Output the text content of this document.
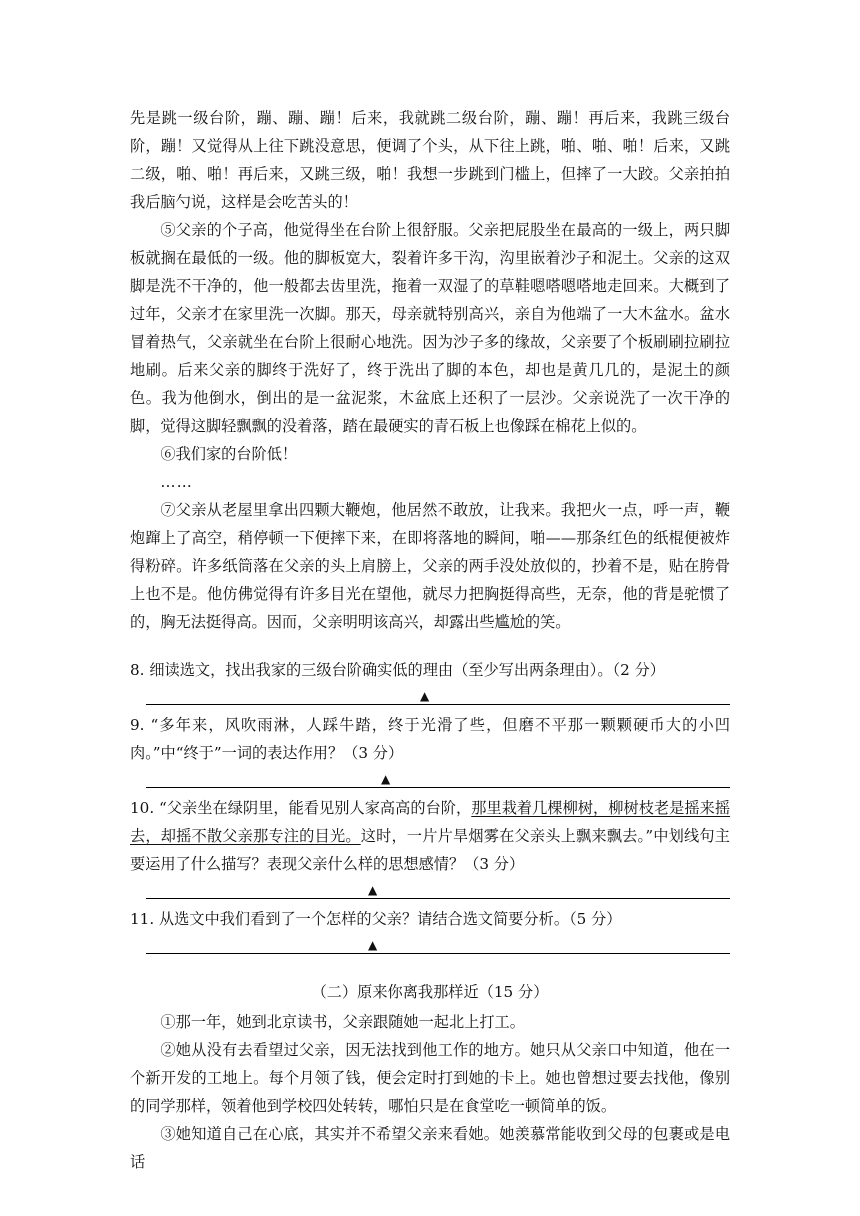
先是跳一级台阶，蹦、蹦、蹦！后来，我就跳二级台阶，蹦、蹦！再后来，我跳三级台阶，蹦！又觉得从上往下跳没意思，便调了个头，从下往上跳，啪、啪、啪！后来，又跳二级，啪、啪！再后来，又跳三级，啪！我想一步跳到门槛上，但摔了一大跤。父亲拍拍我后脑勺说，这样是会吃苦头的！

⑤父亲的个子高，他觉得坐在台阶上很舒服。父亲把屁股坐在最高的一级上，两只脚板就搁在最低的一级。他的脚板宽大，裂着许多干沟，沟里嵌着沙子和泥土。父亲的这双脚是洗不干净的，他一般都去齿里洗，拖着一双湿了的草鞋嗯嗒嗯嗒地走回来。大概到了过年，父亲才在家里洗一次脚。那天，母亲就特别高兴，亲自为他端了一大木盆水。盆水冒着热气，父亲就坐在台阶上很耐心地洗。因为沙子多的缘故，父亲要了个板刷刷拉刷拉地刷。后来父亲的脚终于洗好了，终于洗出了脚的本色，却也是黄几几的，是泥土的颜色。我为他倒水，倒出的是一盆泥浆，木盆底上还积了一层沙。父亲说洗了一次干净的脚，觉得这脚轻飘飘的没着落，踏在最硬实的青石板上也像踩在棉花上似的。

⑥我们家的台阶低！

……

⑦父亲从老屋里拿出四颗大鞭炮，他居然不敢放，让我来。我把火一点，呼一声，鞭炮蹿上了高空，稍停顿一下便摔下来，在即将落地的瞬间，啪——那条红色的纸棍便被炸得粉碎。许多纸筒落在父亲的头上肩膀上，父亲的两手没处放似的，抄着不是，贴在胯骨上也不是。他仿佛觉得有许多目光在望他，就尽力把胸挺得高些，无奈，他的背是驼惯了的，胸无法挺得高。因而，父亲明明该高兴，却露出些尴尬的笑。

8. 细读选文，找出我家的三级台阶确实低的理由（至少写出两条理由）。（2 分）

▲

9. “多年来，风吹雨淋，人踩牛踏，终于光滑了些，但磨不平那一颗颗硬币大的小凹肉。”中“终于”一词的表达作用？（3 分）

▲

10. “父亲坐在绿阴里，能看见别人家高高的台阶，那里栽着几棵柳树，柳树枝老是摇来摇去，却摇不散父亲那专注的目光。这时，一片片旱烟雾在父亲头上飘来飘去。”中划线句主要运用了什么描写？表现父亲什么样的思想感情？（3 分）

▲

11. 从选文中我们看到了一个怎样的父亲？请结合选文简要分析。（5 分）

▲

（二）原来你离我那样近（15 分）

①那一年，她到北京读书，父亲跟随她一起北上打工。

②她从没有去看望过父亲，因无法找到他工作的地方。她只从父亲口中知道，他在一个新开发的工地上。每个月领了钱，便会定时打到她的卡上。她也曾想过要去找他，像别的同学那样，领着他到学校四处转转，哪怕只是在食堂吃一顿简单的饭。

③她知道自己在心底，其实并不希望父亲来看她。她羡慕常能收到父母的包裹或是电话
